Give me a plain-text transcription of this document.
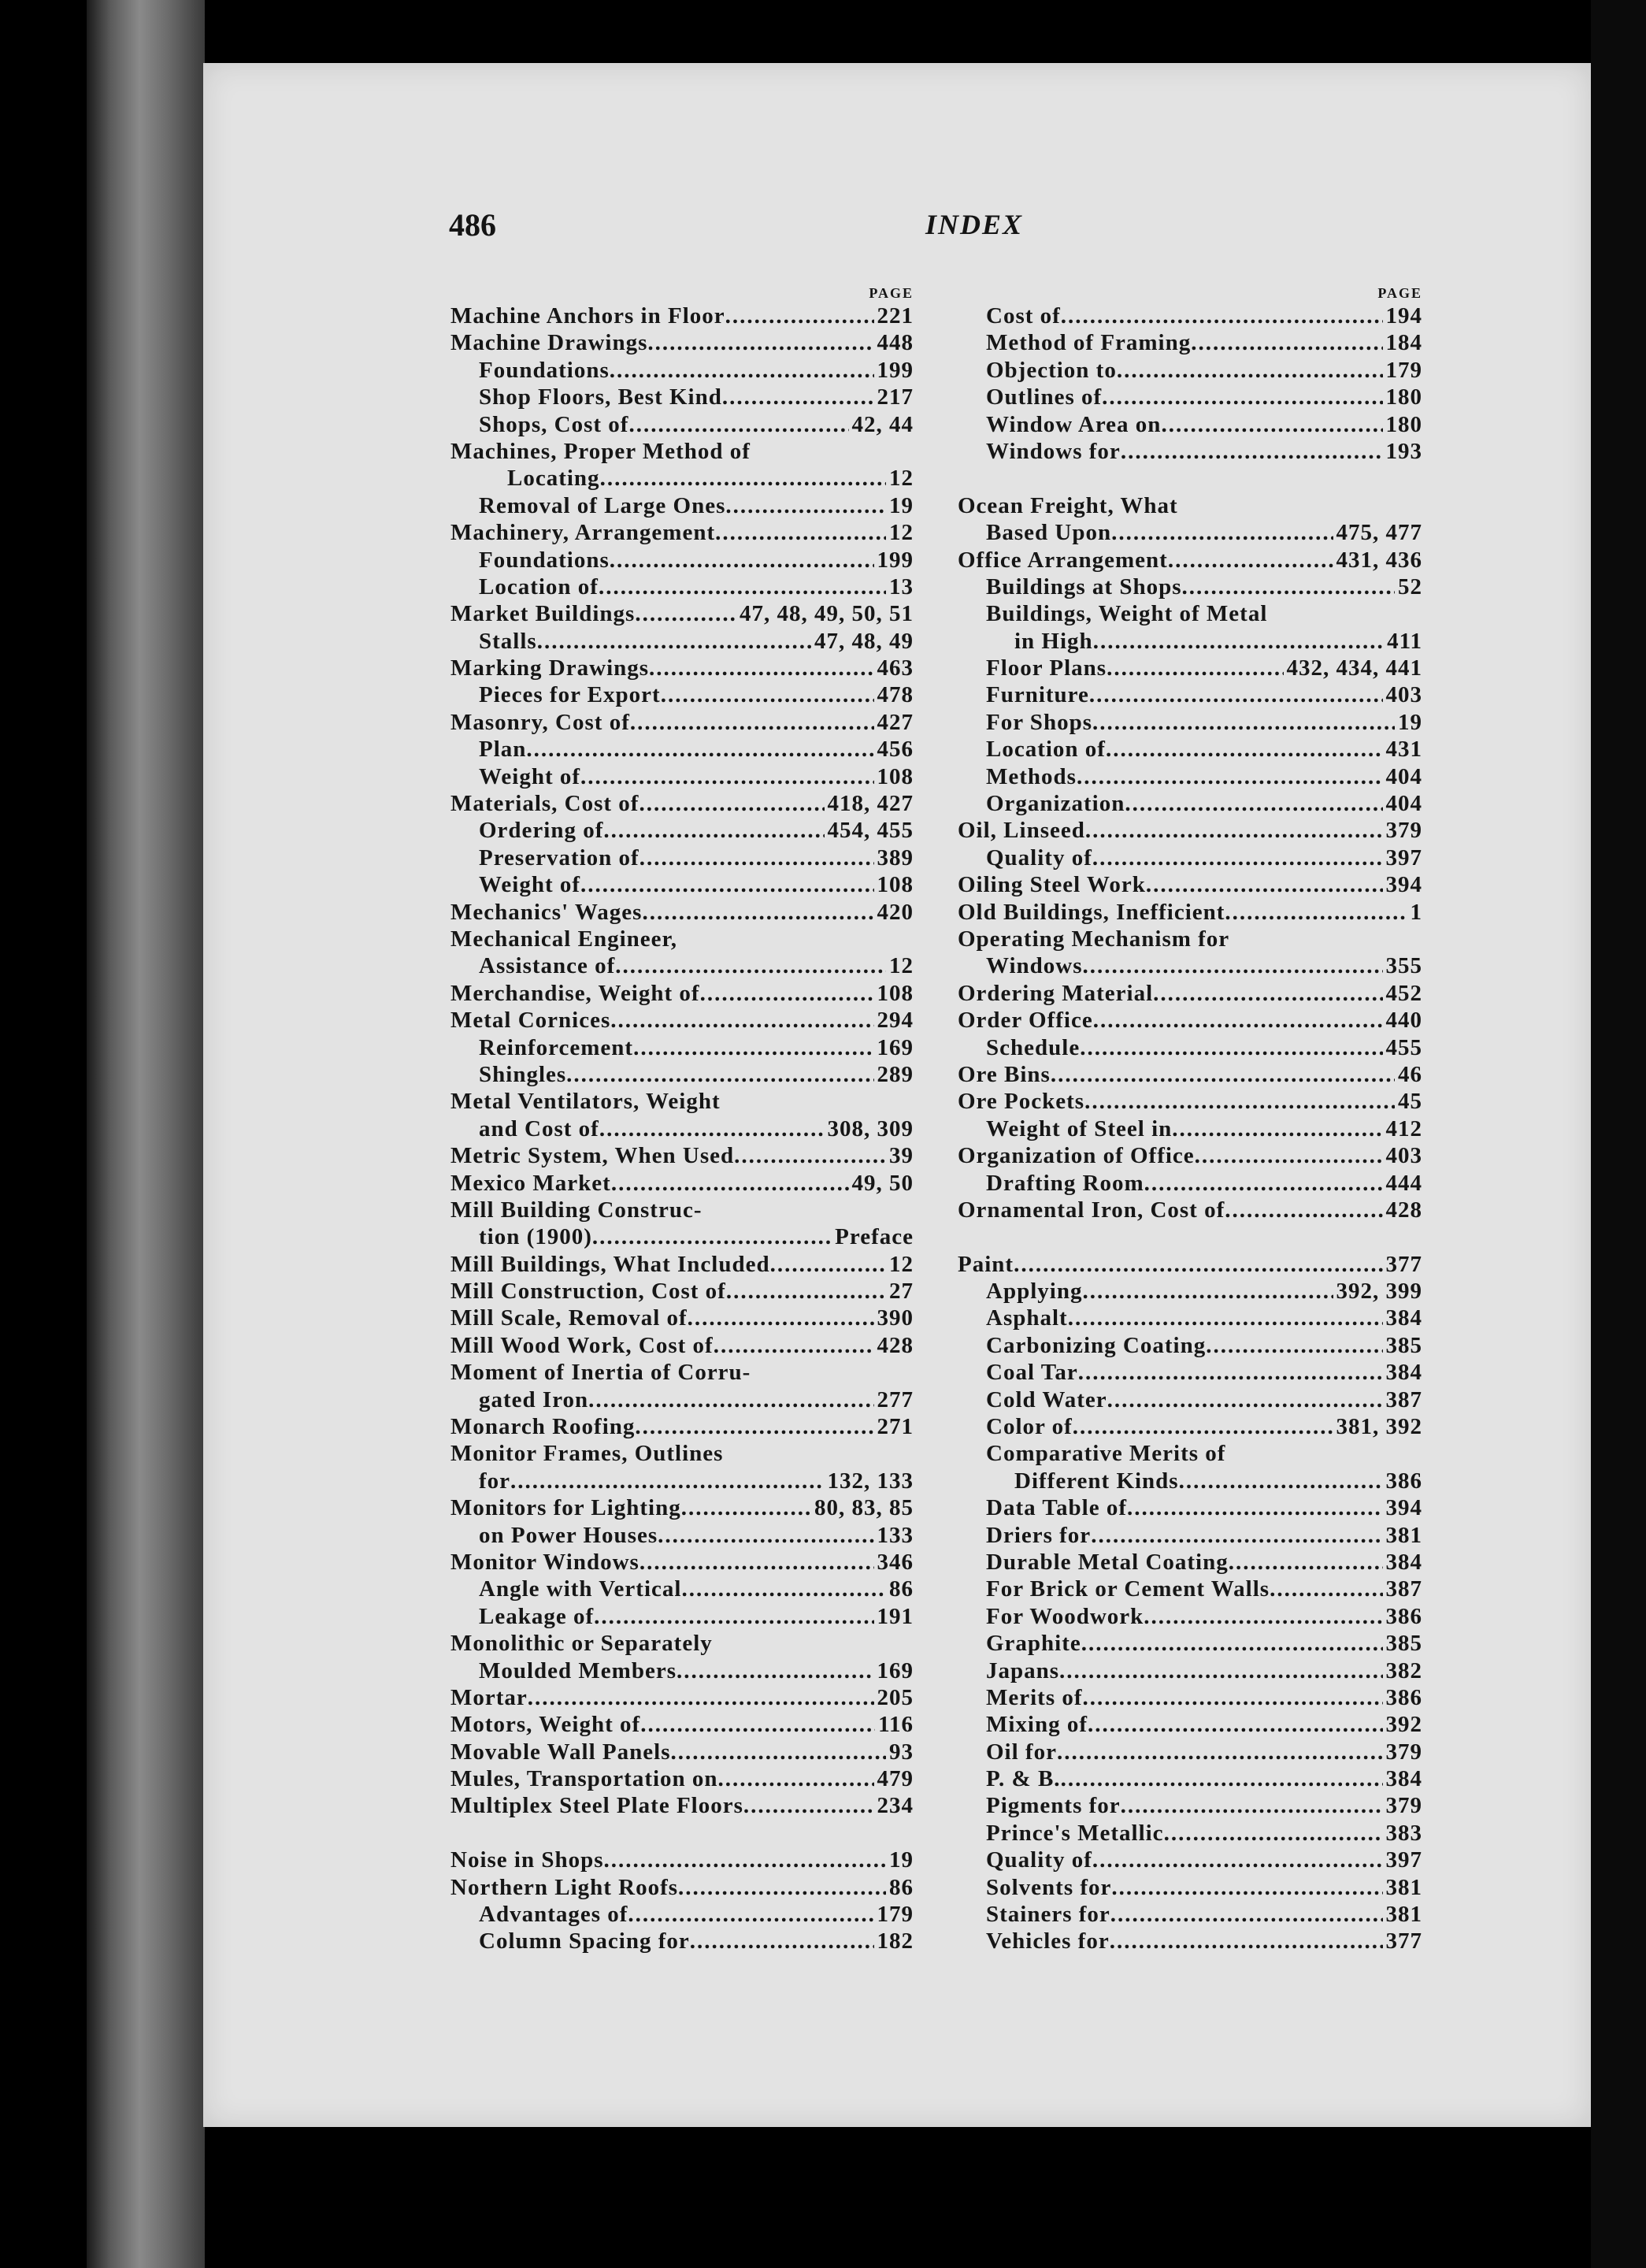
486	INDEX
PAGE
Machine Anchors in Floor .....	221
Machine Drawings .....	448
Foundations .....	199
Shop Floors, Best Kind .....	217
Shops, Cost of .....	42, 44
Machines, Proper Method of
Locating .....	12
Removal of Large Ones .....	19
Machinery, Arrangement .....	12
Foundations .....	199
Location of .....	13
Market Buildings .....	47, 48, 49, 50, 51
Stalls .....	47, 48, 49
Marking Drawings .....	463
Pieces for Export .....	478
Masonry, Cost of .....	427
Plan .....	456
Weight of .....	108
Materials, Cost of .....	418, 427
Ordering of .....	454, 455
Preservation of .....	389
Weight of .....	108
Mechanics' Wages .....	420
Mechanical Engineer,
Assistance of .....	12
Merchandise, Weight of .....	108
Metal Cornices .....	294
Reinforcement .....	169
Shingles .....	289
Metal Ventilators, Weight
and Cost of .....	308, 309
Metric System, When Used .....	39
Mexico Market .....	49, 50
Mill Building Construc-
tion (1900) .....	Preface
Mill Buildings, What Included .....	12
Mill Construction, Cost of .....	27
Mill Scale, Removal of .....	390
Mill Wood Work, Cost of .....	428
Moment of Inertia of Corru-
gated Iron .....	277
Monarch Roofing .....	271
Monitor Frames, Outlines
for .....	132, 133
Monitors for Lighting .....	80, 83, 85
on Power Houses .....	133
Monitor Windows .....	346
Angle with Vertical .....	86
Leakage of .....	191
Monolithic or Separately
Moulded Members .....	169
Mortar .....	205
Motors, Weight of .....	116
Movable Wall Panels .....	93
Mules, Transportation on .....	479
Multiplex Steel Plate Floors .....	234
Noise in Shops .....	19
Northern Light Roofs .....	86
Advantages of .....	179
Column Spacing for .....	182
PAGE
Cost of .....	194
Method of Framing .....	184
Objection to .....	179
Outlines of .....	180
Window Area on .....	180
Windows for .....	193
Ocean Freight, What
Based Upon .....	475, 477
Office Arrangement .....	431, 436
Buildings at Shops .....	52
Buildings, Weight of Metal
in High .....	411
Floor Plans .....	432, 434, 441
Furniture .....	403
For Shops .....	19
Location of .....	431
Methods .....	404
Organization .....	404
Oil, Linseed .....	379
Quality of .....	397
Oiling Steel Work .....	394
Old Buildings, Inefficient .....	1
Operating Mechanism for
Windows .....	355
Ordering Material .....	452
Order Office .....	440
Schedule .....	455
Ore Bins .....	46
Ore Pockets .....	45
Weight of Steel in .....	412
Organization of Office .....	403
Drafting Room .....	444
Ornamental Iron, Cost of .....	428
Paint .....	377
Applying .....	392, 399
Asphalt .....	384
Carbonizing Coating .....	385
Coal Tar .....	384
Cold Water .....	387
Color of .....	381, 392
Comparative Merits of
Different Kinds .....	386
Data Table of .....	394
Driers for .....	381
Durable Metal Coating .....	384
For Brick or Cement Walls .....	387
For Woodwork .....	386
Graphite .....	385
Japans .....	382
Merits of .....	386
Mixing of .....	392
Oil for .....	379
P. & B. .....	384
Pigments for .....	379
Prince's Metallic .....	383
Quality of .....	397
Solvents for .....	381
Stainers for .....	381
Vehicles for .....	377
